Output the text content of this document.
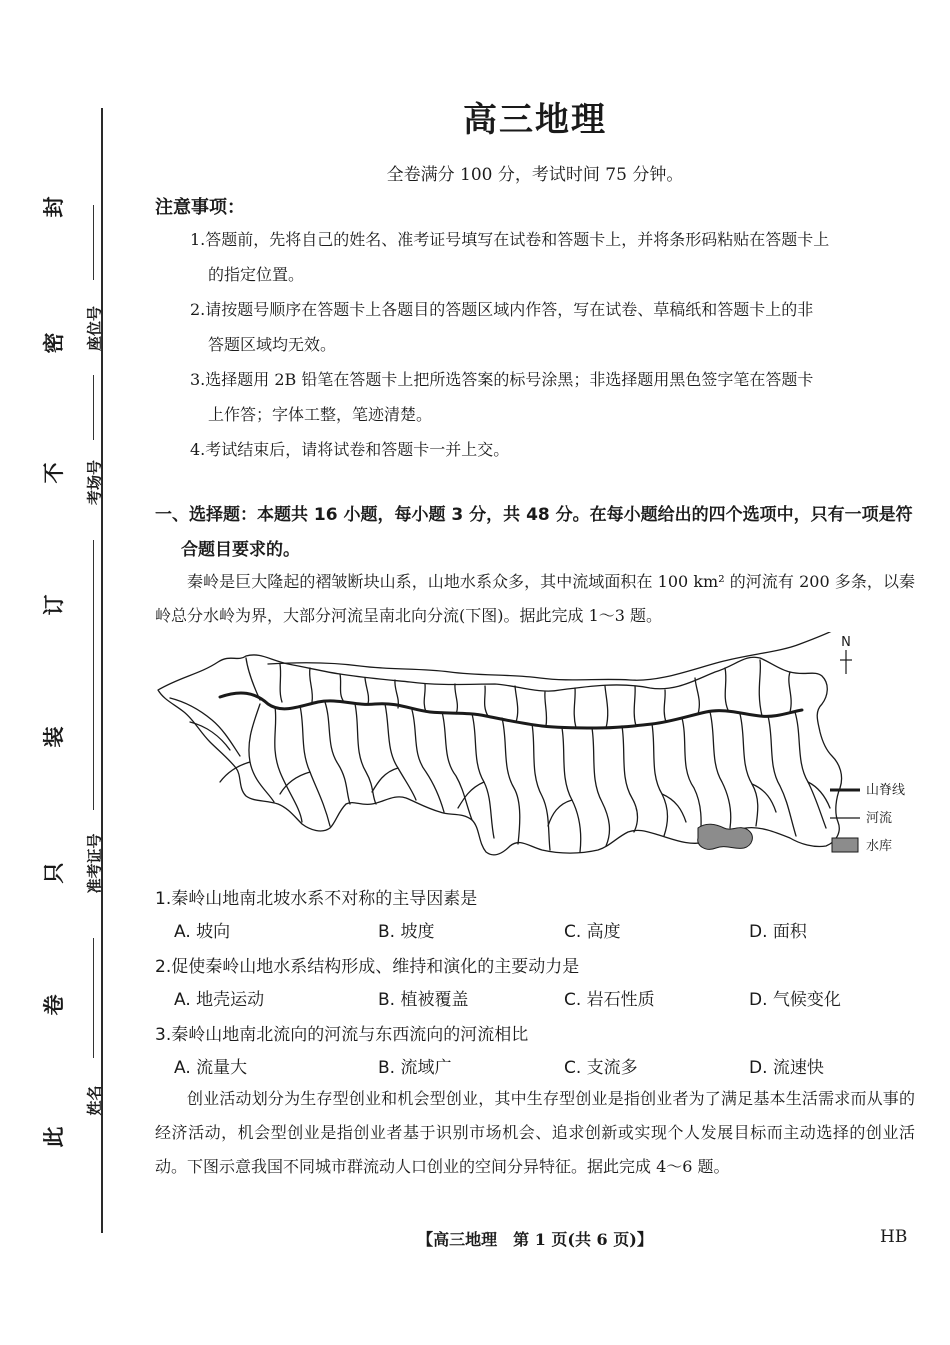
封
密
不
订
装
只
卷
此
座位号
考场号
准考证号
姓名
高三地理
全卷满分 100 分，考试时间 75 分钟。
注意事项：
1.答题前，先将自己的姓名、准考证号填写在试卷和答题卡上，并将条形码粘贴在答题卡上
的指定位置。
2.请按题号顺序在答题卡上各题目的答题区域内作答，写在试卷、草稿纸和答题卡上的非
答题区域均无效。
3.选择题用 2B 铅笔在答题卡上把所选答案的标号涂黑；非选择题用黑色签字笔在答题卡
上作答；字体工整，笔迹清楚。
4.考试结束后，请将试卷和答题卡一并上交。
一、选择题：本题共 16 小题，每小题 3 分，共 48 分。在每小题给出的四个选项中，只有一项是符
合题目要求的。
秦岭是巨大隆起的褶皱断块山系，山地水系众多，其中流域面积在 100 km² 的河流有 200 多条，以秦岭总分水岭为界，大部分河流呈南北向分流(下图)。据此完成 1～3 题。
N
山脊线
河流
水库
1.秦岭山地南北坡水系不对称的主导因素是
A. 坡向	B. 坡度	C. 高度	D. 面积
2.促使秦岭山地水系结构形成、维持和演化的主要动力是
A. 地壳运动	B. 植被覆盖	C. 岩石性质	D. 气候变化
3.秦岭山地南北流向的河流与东西流向的河流相比
A. 流量大	B. 流域广	C. 支流多	D. 流速快
创业活动划分为生存型创业和机会型创业，其中生存型创业是指创业者为了满足基本生活需求而从事的经济活动，机会型创业是指创业者基于识别市场机会、追求创新或实现个人发展目标而主动选择的创业活动。下图示意我国不同城市群流动人口创业的空间分异特征。据此完成 4～6 题。
【高三地理　第 1 页(共 6 页)】	HB
